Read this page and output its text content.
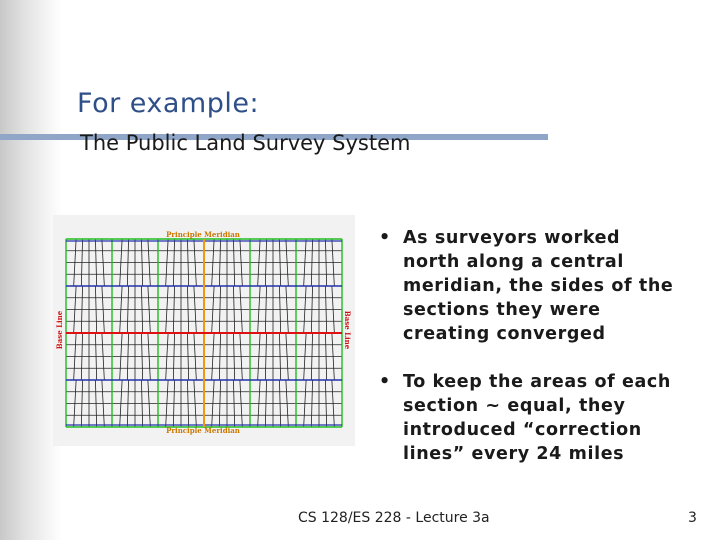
For example:
The Public Land Survey System
Principle Meridian
Principle Meridian
Base Line	Base Line
• As surveyors worked north along a central meridian, the sides of the sections they were creating converged
• To keep the areas of each section ~ equal, they introduced “correction lines” every 24 miles
CS 128/ES 228 - Lecture 3a	3
